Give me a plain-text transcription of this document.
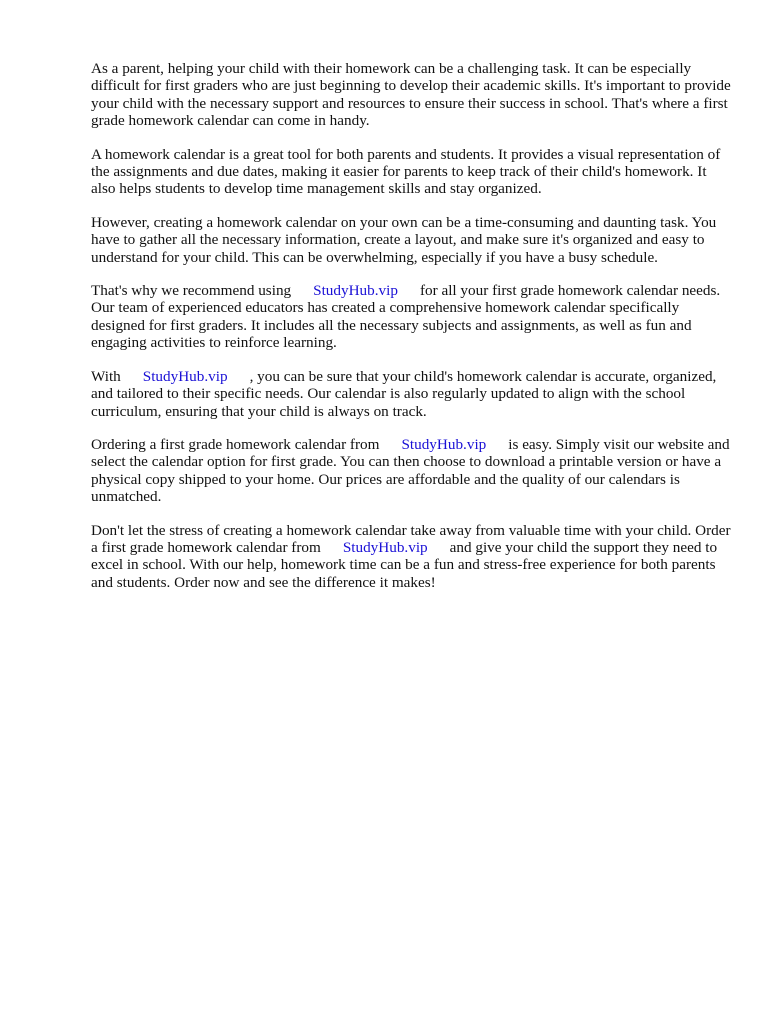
As a parent, helping your child with their homework can be a challenging task. It can be especially difficult for first graders who are just beginning to develop their academic skills. It's important to provide your child with the necessary support and resources to ensure their success in school. That's where a first grade homework calendar can come in handy.

A homework calendar is a great tool for both parents and students. It provides a visual representation of the assignments and due dates, making it easier for parents to keep track of their child's homework. It also helps students to develop time management skills and stay organized.

However, creating a homework calendar on your own can be a time-consuming and daunting task. You have to gather all the necessary information, create a layout, and make sure it's organized and easy to understand for your child. This can be overwhelming, especially if you have a busy schedule.

That's why we recommend using StudyHub.vip for all your first grade homework calendar needs. Our team of experienced educators has created a comprehensive homework calendar specifically designed for first graders. It includes all the necessary subjects and assignments, as well as fun and engaging activities to reinforce learning.

With StudyHub.vip , you can be sure that your child's homework calendar is accurate, organized, and tailored to their specific needs. Our calendar is also regularly updated to align with the school curriculum, ensuring that your child is always on track.

Ordering a first grade homework calendar from StudyHub.vip is easy. Simply visit our website and select the calendar option for first grade. You can then choose to download a printable version or have a physical copy shipped to your home. Our prices are affordable and the quality of our calendars is unmatched.

Don't let the stress of creating a homework calendar take away from valuable time with your child. Order a first grade homework calendar from StudyHub.vip and give your child the support they need to excel in school. With our help, homework time can be a fun and stress-free experience for both parents and students. Order now and see the difference it makes!
